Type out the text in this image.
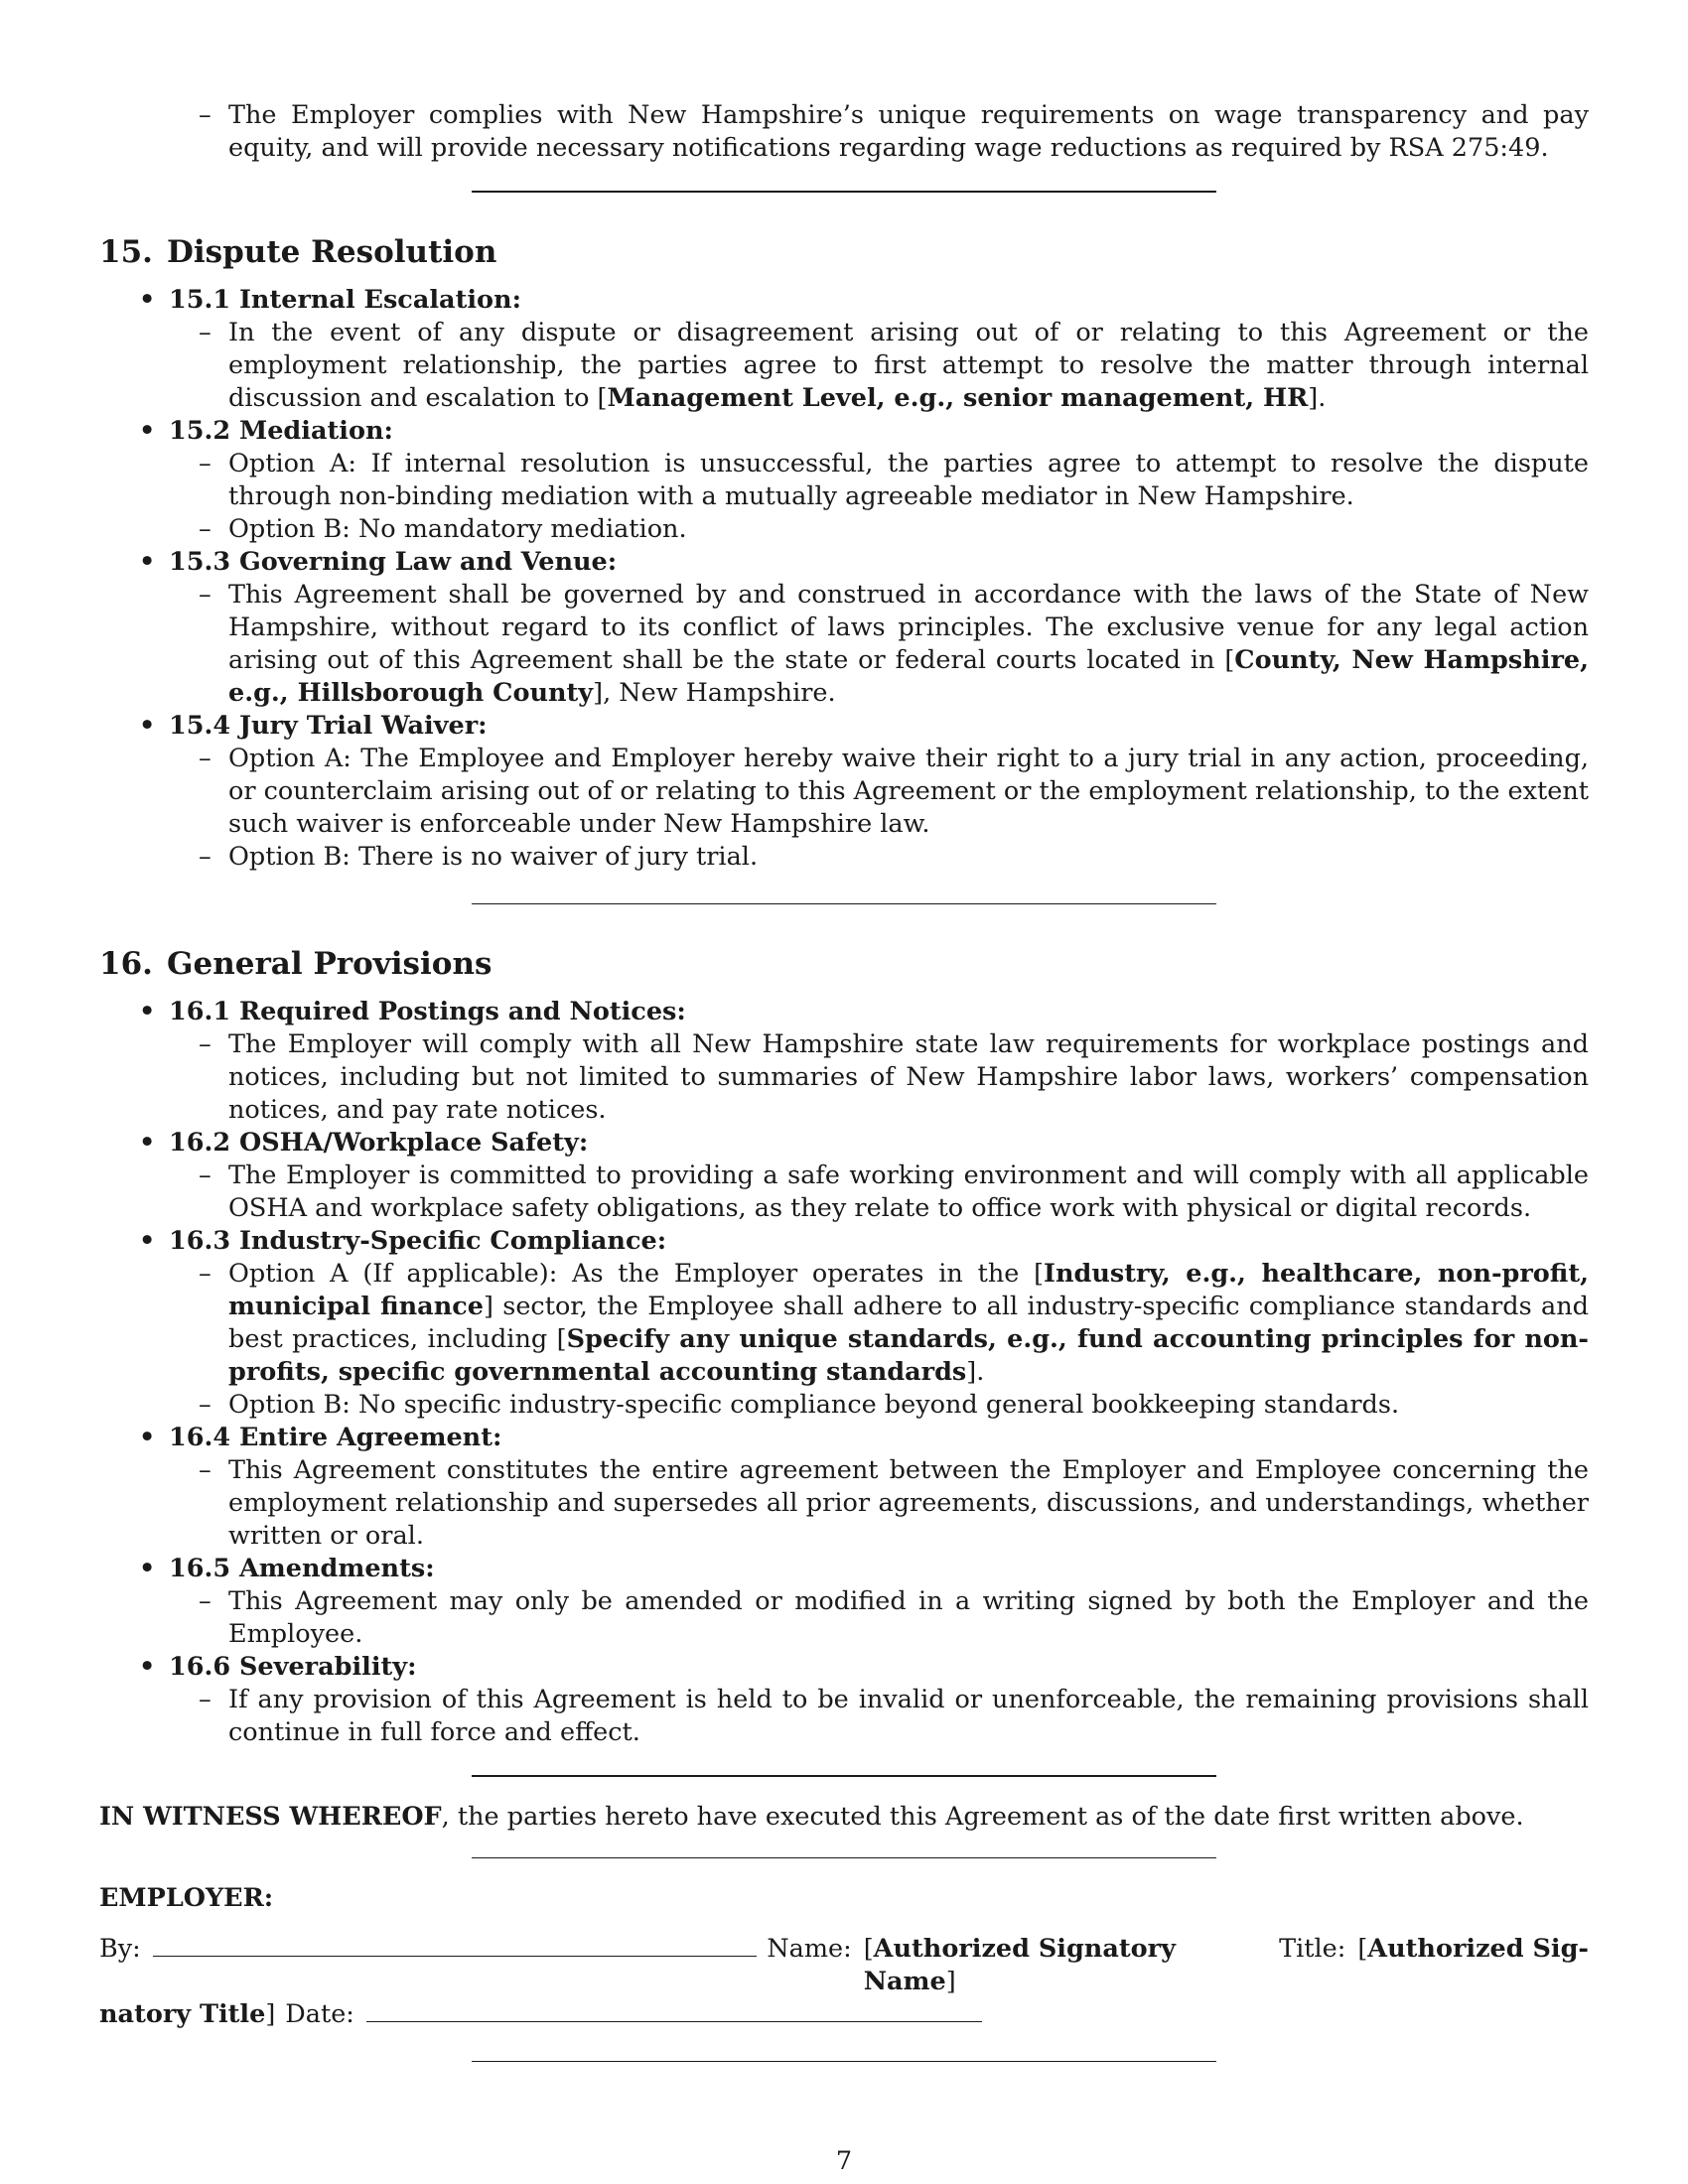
– The Employer complies with New Hampshire’s unique requirements on wage transparency and pay equity, and will provide necessary notifications regarding wage reductions as required by RSA 275:49.
15. Dispute Resolution
• 15.1 Internal Escalation:
– In the event of any dispute or disagreement arising out of or relating to this Agreement or the employment relationship, the parties agree to first attempt to resolve the matter through internal discussion and escalation to [Management Level, e.g., senior management, HR].
• 15.2 Mediation:
– Option A: If internal resolution is unsuccessful, the parties agree to attempt to resolve the dispute through non-binding mediation with a mutually agreeable mediator in New Hampshire.
– Option B: No mandatory mediation.
• 15.3 Governing Law and Venue:
– This Agreement shall be governed by and construed in accordance with the laws of the State of New Hampshire, without regard to its conflict of laws principles. The exclusive venue for any legal action arising out of this Agreement shall be the state or federal courts located in [County, New Hampshire, e.g., Hillsborough County], New Hampshire.
• 15.4 Jury Trial Waiver:
– Option A: The Employee and Employer hereby waive their right to a jury trial in any action, proceeding, or counterclaim arising out of or relating to this Agreement or the employment relationship, to the extent such waiver is enforceable under New Hampshire law.
– Option B: There is no waiver of jury trial.
16. General Provisions
• 16.1 Required Postings and Notices:
– The Employer will comply with all New Hampshire state law requirements for workplace postings and notices, including but not limited to summaries of New Hampshire labor laws, workers’ compensation notices, and pay rate notices.
• 16.2 OSHA/Workplace Safety:
– The Employer is committed to providing a safe working environment and will comply with all applicable OSHA and workplace safety obligations, as they relate to office work with physical or digital records.
• 16.3 Industry-Specific Compliance:
– Option A (If applicable): As the Employer operates in the [Industry, e.g., healthcare, non-profit, municipal finance] sector, the Employee shall adhere to all industry-specific compliance standards and best practices, including [Specify any unique standards, e.g., fund accounting principles for non-profits, specific governmental accounting standards].
– Option B: No specific industry-specific compliance beyond general bookkeeping standards.
• 16.4 Entire Agreement:
– This Agreement constitutes the entire agreement between the Employer and Employee concerning the employment relationship and supersedes all prior agreements, discussions, and understandings, whether written or oral.
• 16.5 Amendments:
– This Agreement may only be amended or modified in a writing signed by both the Employer and the Employee.
• 16.6 Severability:
– If any provision of this Agreement is held to be invalid or unenforceable, the remaining provisions shall continue in full force and effect.

IN WITNESS WHEREOF, the parties hereto have executed this Agreement as of the date first written above.

EMPLOYER:

By:	Name: [Authorized Signatory Name]
Title: [Authorized Sig-
natory Title] Date:
7
